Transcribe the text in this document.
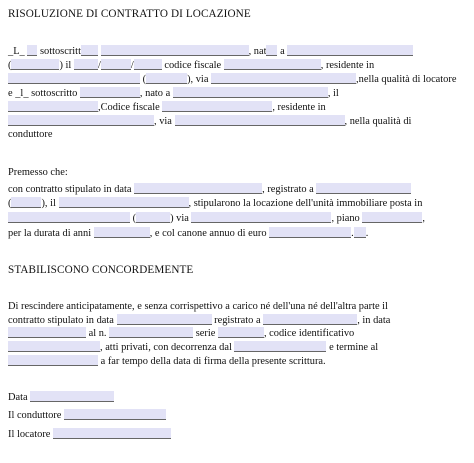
RISOLUZIONE DI CONTRATTO DI LOCAZIONE
_L_ sottoscritt	, nat a
(	) il	/	/	codice fiscale	, residente in
(	), via	,nella qualità di locatore
e _l_ sottoscritto	, nato a	, il
,Codice fiscale	, residente in
, via	, nella qualità di
conduttore
Premesso che:
con contratto stipulato in data	, registrato a
(	), il	, stipularono la locazione dell'unità immobiliare posta in
(	) via	, piano	,
per la durata di anni	, e col canone annuo di euro	. .
STABILISCONO CONCORDEMENTE
Di rescindere anticipatamente, e senza corrispettivo a carico né dell'una né dell'altra parte il
contratto stipulato in data	registrato a	, in data
al n.	serie	, codice identificativo
, atti privati, con decorrenza dal	e termine al
a far tempo della data di firma della presente scrittura.
Data
Il conduttore
Il locatore
